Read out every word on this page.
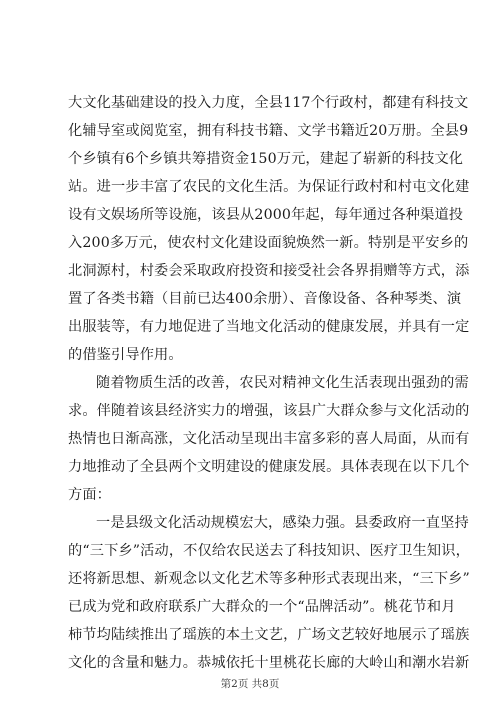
大文化基础建设的投入力度，全县117个行政村，都建有科技文
化辅导室或阅览室，拥有科技书籍、文学书籍近20万册。全县9
个乡镇有6个乡镇共筹措资金150万元，建起了崭新的科技文化
站。进一步丰富了农民的文化生活。为保证行政村和村屯文化建
设有文娱场所等设施，该县从2000年起，每年通过各种渠道投
入200多万元，使农村文化建设面貌焕然一新。特别是平安乡的
北洞源村，村委会采取政府投资和接受社会各界捐赠等方式，添
置了各类书籍（目前已达400余册）、音像设备、各种琴类、演
出服装等，有力地促进了当地文化活动的健康发展，并具有一定
的借鉴引导作用。
随着物质生活的改善，农民对精神文化生活表现出强劲的需
求。伴随着该县经济实力的增强，该县广大群众参与文化活动的
热情也日渐高涨，文化活动呈现出丰富多彩的喜人局面，从而有
力地推动了全县两个文明建设的健康发展。具体表现在以下几个
方面：
一是县级文化活动规模宏大，感染力强。县委政府一直坚持
的“三下乡”活动，不仅给农民送去了科技知识、医疗卫生知识，
还将新思想、新观念以文化艺术等多种形式表现出来，“三下乡”
已成为党和政府联系广大群众的一个“品牌活动”。桃花节和月
柿节均陆续推出了瑶族的本土文艺，广场文艺较好地展示了瑶族
文化的含量和魅力。恭城依托十里桃花长廊的大岭山和潮水岩新
第2页 共8页
